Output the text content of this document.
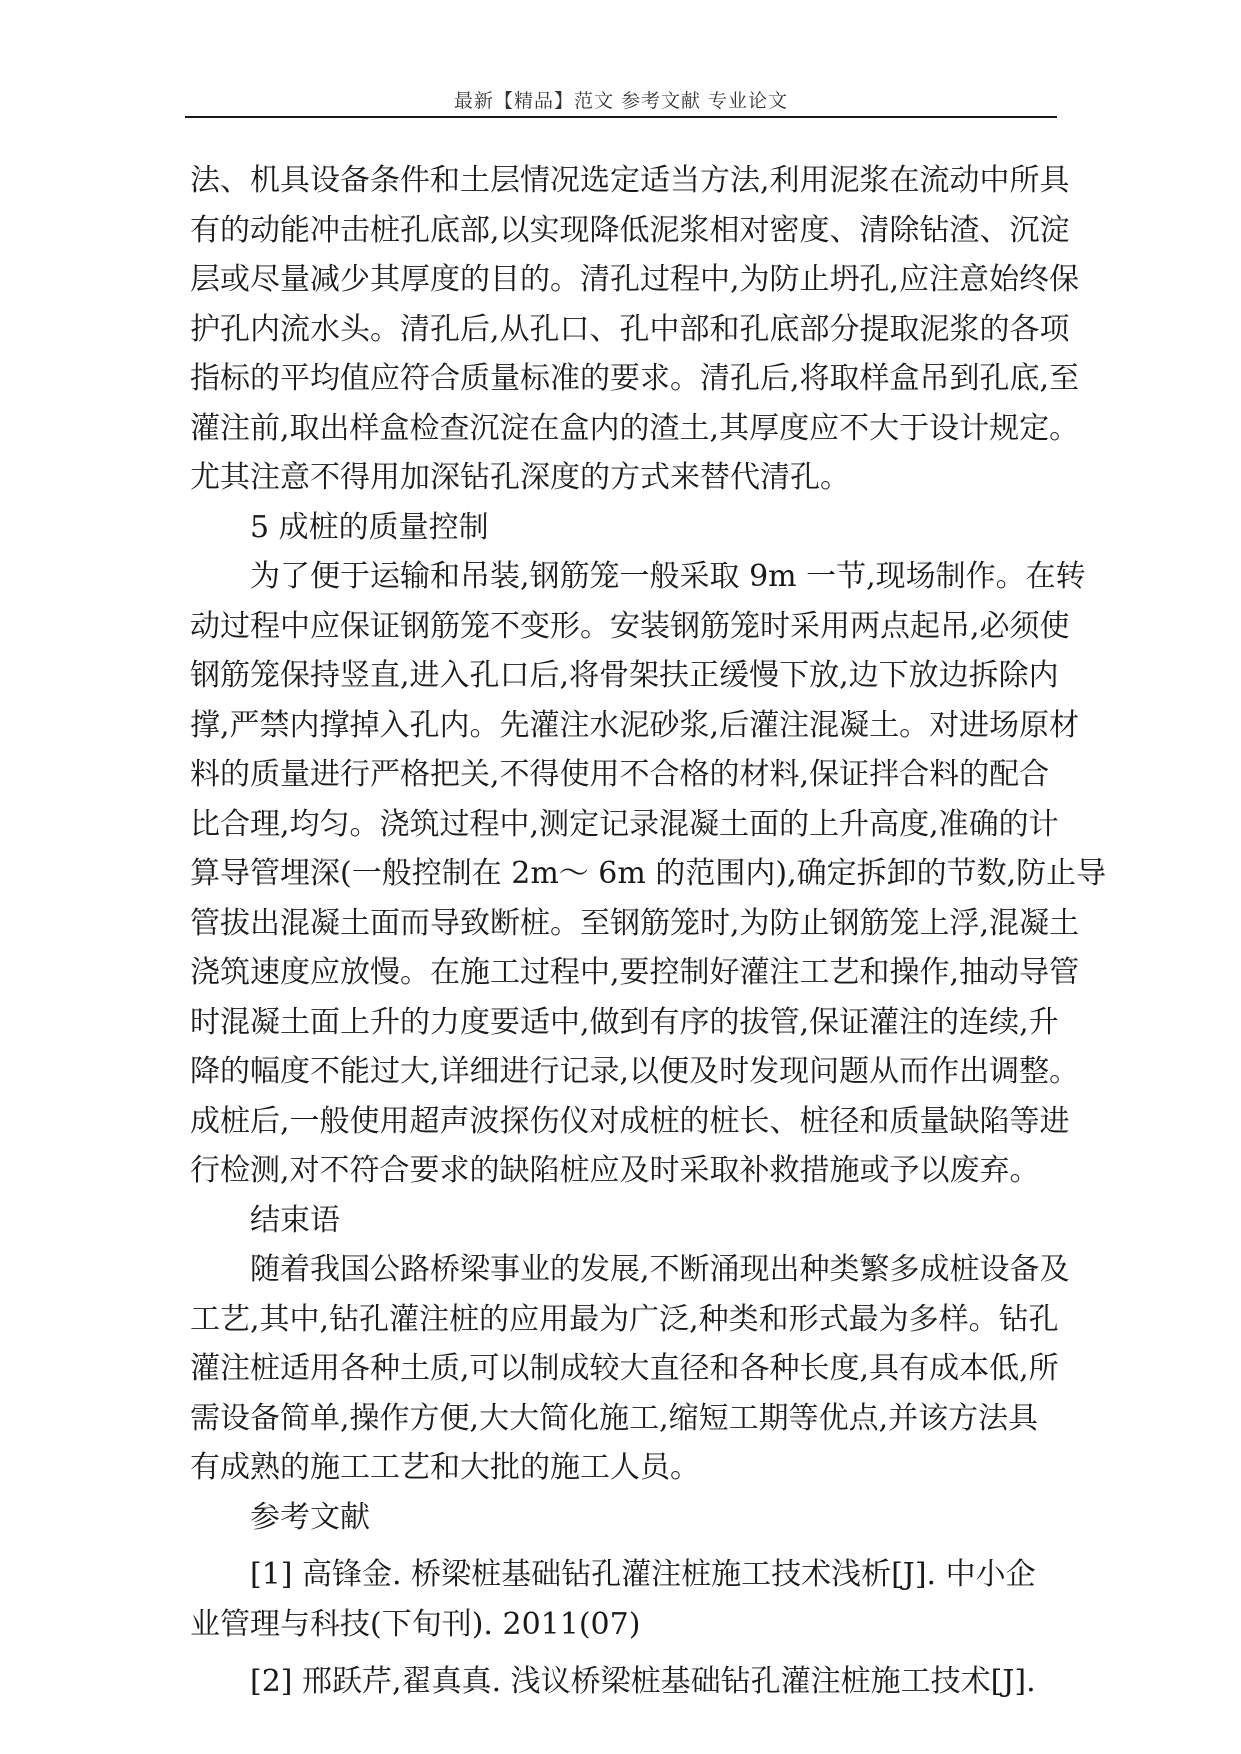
最新【精品】范文 参考文献 专业论文
法、机具设备条件和土层情况选定适当方法,利用泥浆在流动中所具
有的动能冲击桩孔底部,以实现降低泥浆相对密度、清除钻渣、沉淀
层或尽量减少其厚度的目的。清孔过程中,为防止坍孔,应注意始终保
护孔内流水头。清孔后,从孔口、孔中部和孔底部分提取泥浆的各项
指标的平均值应符合质量标准的要求。清孔后,将取样盒吊到孔底,至
灌注前,取出样盒检查沉淀在盒内的渣土,其厚度应不大于设计规定。
尤其注意不得用加深钻孔深度的方式来替代清孔。
5 成桩的质量控制
为了便于运输和吊装,钢筋笼一般采取 9m 一节,现场制作。在转
动过程中应保证钢筋笼不变形。安装钢筋笼时采用两点起吊,必须使
钢筋笼保持竖直,进入孔口后,将骨架扶正缓慢下放,边下放边拆除内
撑,严禁内撑掉入孔内。先灌注水泥砂浆,后灌注混凝土。对进场原材
料的质量进行严格把关,不得使用不合格的材料,保证拌合料的配合
比合理,均匀。浇筑过程中,测定记录混凝土面的上升高度,准确的计
算导管埋深(一般控制在 2m～ 6m 的范围内),确定拆卸的节数,防止导
管拔出混凝土面而导致断桩。至钢筋笼时,为防止钢筋笼上浮,混凝土
浇筑速度应放慢。在施工过程中,要控制好灌注工艺和操作,抽动导管
时混凝土面上升的力度要适中,做到有序的拔管,保证灌注的连续,升
降的幅度不能过大,详细进行记录,以便及时发现问题从而作出调整。
成桩后,一般使用超声波探伤仪对成桩的桩长、桩径和质量缺陷等进
行检测,对不符合要求的缺陷桩应及时采取补救措施或予以废弃。
结束语
随着我国公路桥梁事业的发展,不断涌现出种类繁多成桩设备及
工艺,其中,钻孔灌注桩的应用最为广泛,种类和形式最为多样。钻孔
灌注桩适用各种土质,可以制成较大直径和各种长度,具有成本低,所
需设备简单,操作方便,大大简化施工,缩短工期等优点,并该方法具
有成熟的施工工艺和大批的施工人员。
参考文献
[1] 高锋金. 桥梁桩基础钻孔灌注桩施工技术浅析[J]. 中小企
业管理与科技(下旬刊). 2011(07)
[2] 邢跃芹,翟真真. 浅议桥梁桩基础钻孔灌注桩施工技术[J].
